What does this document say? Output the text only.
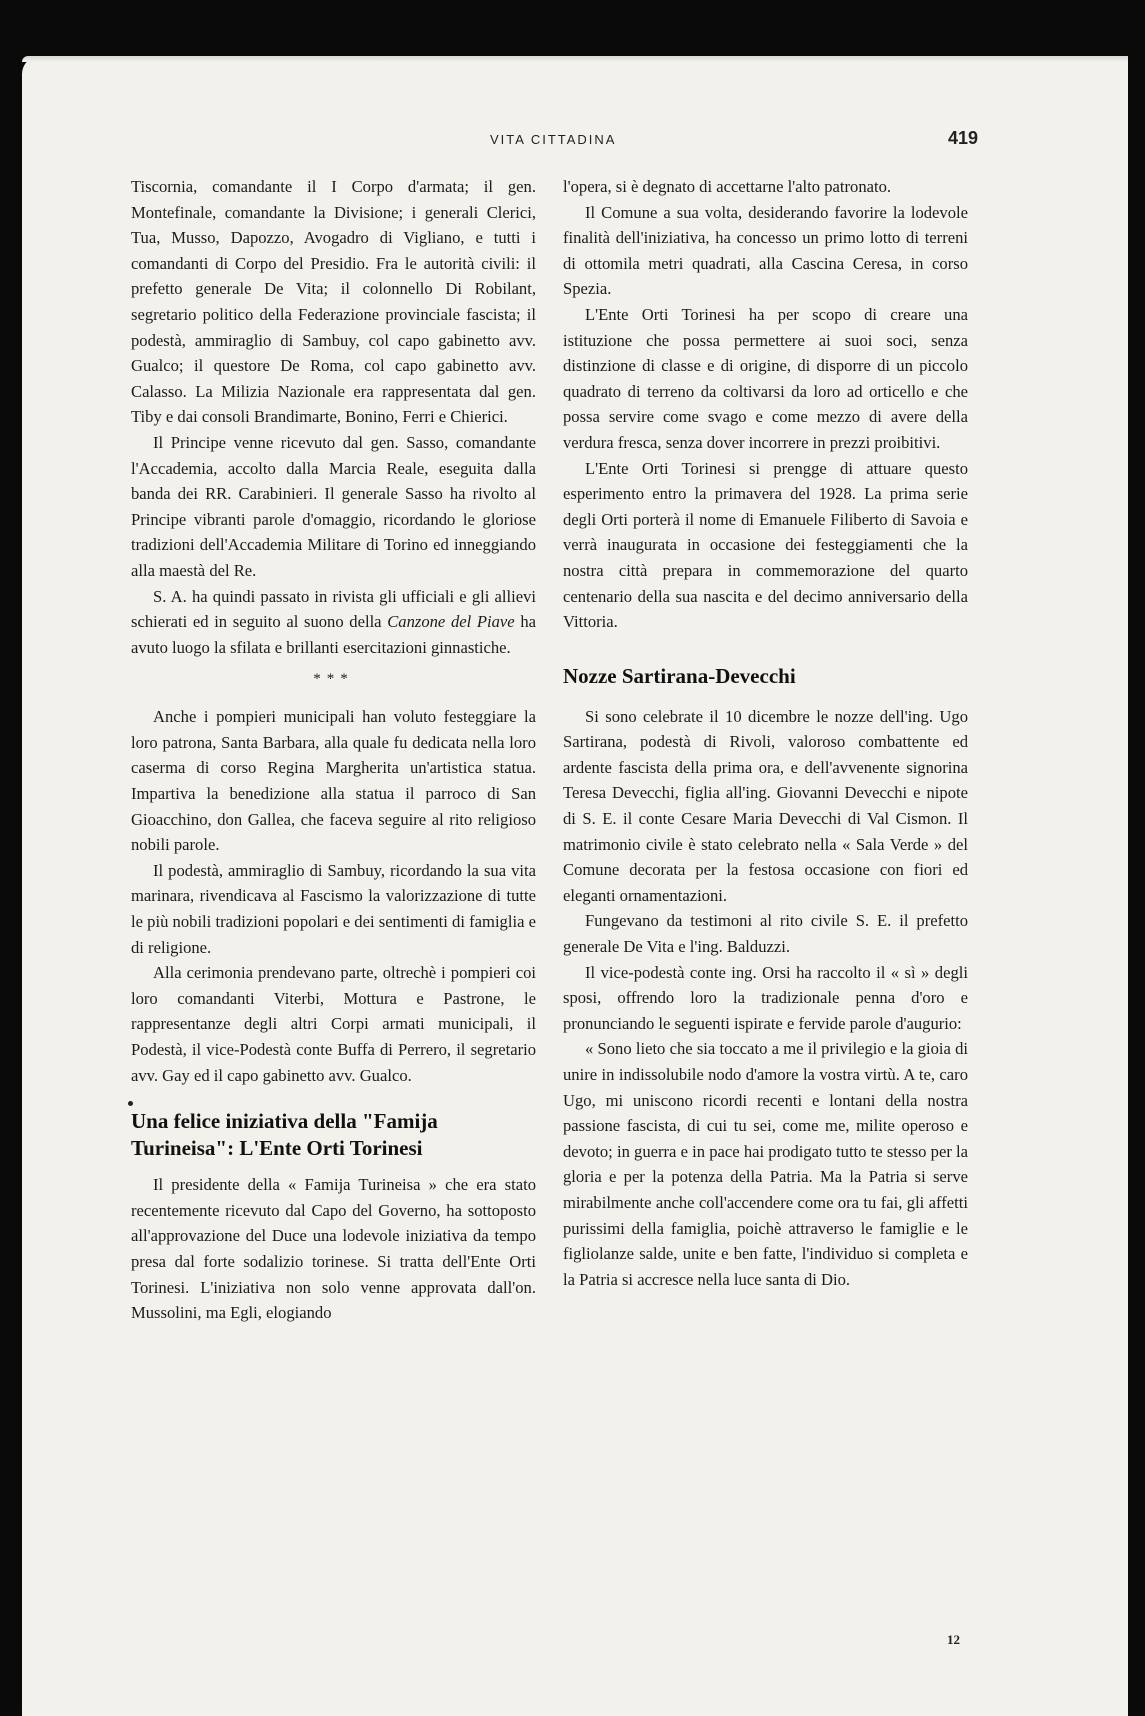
VITA CITTADINA	419

Tiscornia, comandante il I Corpo d'armata; il gen. Montefinale, comandante la Divisione; i generali Clerici, Tua, Musso, Dapozzo, Avogadro di Vigliano, e tutti i comandanti di Corpo del Presidio. Fra le autorità civili: il prefetto generale De Vita; il colonnello Di Robilant, segretario politico della Federazione provinciale fascista; il podestà, ammiraglio di Sambuy, col capo gabinetto avv. Gualco; il questore De Roma, col capo gabinetto avv. Calasso. La Milizia Nazionale era rappresentata dal gen. Tiby e dai consoli Brandimarte, Bonino, Ferri e Chierici.

Il Principe venne ricevuto dal gen. Sasso, comandante l'Accademia, accolto dalla Marcia Reale, eseguita dalla banda dei RR. Carabinieri. Il generale Sasso ha rivolto al Principe vibranti parole d'omaggio, ricordando le gloriose tradizioni dell'Accademia Militare di Torino ed inneggiando alla maestà del Re.

S. A. ha quindi passato in rivista gli ufficiali e gli allievi schierati ed in seguito al suono della Canzone del Piave ha avuto luogo la sfilata e brillanti esercitazioni ginnastiche.

***

Anche i pompieri municipali han voluto festeggiare la loro patrona, Santa Barbara, alla quale fu dedicata nella loro caserma di corso Regina Margherita un'artistica statua. Impartiva la benedizione alla statua il parroco di San Gioacchino, don Gallea, che faceva seguire al rito religioso nobili parole.

Il podestà, ammiraglio di Sambuy, ricordando la sua vita marinara, rivendicava al Fascismo la valorizzazione di tutte le più nobili tradizioni popolari e dei sentimenti di famiglia e di religione.

Alla cerimonia prendevano parte, oltrechè i pompieri coi loro comandanti Viterbi, Mottura e Pastrone, le rappresentanze degli altri Corpi armati municipali, il Podestà, il vice-Podestà conte Buffa di Perrero, il segretario avv. Gay ed il capo gabinetto avv. Gualco.

Una felice iniziativa della "Famija Turineisa": L'Ente Orti Torinesi

Il presidente della « Famija Turineisa » che era stato recentemente ricevuto dal Capo del Governo, ha sottoposto all'approvazione del Duce una lodevole iniziativa da tempo presa dal forte sodalizio torinese. Si tratta dell'Ente Orti Torinesi. L'iniziativa non solo venne approvata dall'on. Mussolini, ma Egli, elogiando

l'opera, si è degnato di accettarne l'alto patronato.

Il Comune a sua volta, desiderando favorire la lodevole finalità dell'iniziativa, ha concesso un primo lotto di terreni di ottomila metri quadrati, alla Cascina Ceresa, in corso Spezia.

L'Ente Orti Torinesi ha per scopo di creare una istituzione che possa permettere ai suoi soci, senza distinzione di classe e di origine, di disporre di un piccolo quadrato di terreno da coltivarsi da loro ad orticello e che possa servire come svago e come mezzo di avere della verdura fresca, senza dover incorrere in prezzi proibitivi.

L'Ente Orti Torinesi si prengge di attuare questo esperimento entro la primavera del 1928. La prima serie degli Orti porterà il nome di Emanuele Filiberto di Savoia e verrà inaugurata in occasione dei festeggiamenti che la nostra città prepara in commemorazione del quarto centenario della sua nascita e del decimo anniversario della Vittoria.

Nozze Sartirana-Devecchi

Si sono celebrate il 10 dicembre le nozze dell'ing. Ugo Sartirana, podestà di Rivoli, valoroso combattente ed ardente fascista della prima ora, e dell'avvenente signorina Teresa Devecchi, figlia all'ing. Giovanni Devecchi e nipote di S. E. il conte Cesare Maria Devecchi di Val Cismon. Il matrimonio civile è stato celebrato nella « Sala Verde » del Comune decorata per la festosa occasione con fiori ed eleganti ornamentazioni.

Fungevano da testimoni al rito civile S. E. il prefetto generale De Vita e l'ing. Balduzzi.

Il vice-podestà conte ing. Orsi ha raccolto il « sì » degli sposi, offrendo loro la tradizionale penna d'oro e pronunciando le seguenti ispirate e fervide parole d'augurio:

« Sono lieto che sia toccato a me il privilegio e la gioia di unire in indissolubile nodo d'amore la vostra virtù. A te, caro Ugo, mi uniscono ricordi recenti e lontani della nostra passione fascista, di cui tu sei, come me, milite operoso e devoto; in guerra e in pace hai prodigato tutto te stesso per la gloria e per la potenza della Patria. Ma la Patria si serve mirabilmente anche coll'accendere come ora tu fai, gli affetti purissimi della famiglia, poichè attraverso le famiglie e le figliolanze salde, unite e ben fatte, l'individuo si completa e la Patria si accresce nella luce santa di Dio.

12
